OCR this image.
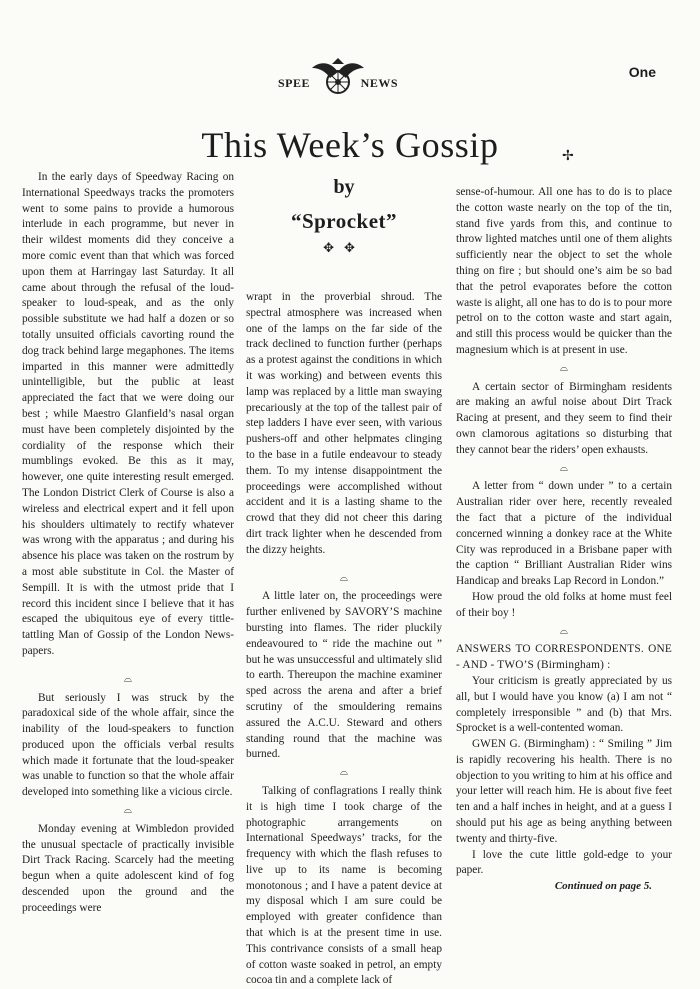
SPEE	NEWS
One
This Week’s Gossip	✢
by
“Sprocket”
✥✥

In the early days of Speedway Racing on International Speedways tracks the promoters went to some pains to provide a humorous interlude in each programme, but never in their wildest moments did they conceive a more comic event than that which was forced upon them at Harringay last Saturday. It all came about through the refusal of the loud-speaker to loud-speak, and as the only possible substitute we had half a dozen or so totally unsuited officials cavorting round the dog track behind large megaphones. The items imparted in this manner were admittedly unintelligible, but the public at least appreciated the fact that we were doing our best ; while Maestro Glanfield’s nasal organ must have been completely disjointed by the cordiality of the response which their mumblings evoked. Be this as it may, however, one quite interesting result emerged. The London District Clerk of Course is also a wireless and electrical expert and it fell upon his shoulders ultimately to rectify whatever was wrong with the apparatus ; and during his absence his place was taken on the rostrum by a most able substitute in Col. the Master of Sempill. It is with the utmost pride that I record this incident since I believe that it has escaped the ubiquitous eye of every tittle-tattling Man of Gossip of the London News-papers.

⌓

But seriously I was struck by the paradoxical side of the whole affair, since the inability of the loud-speakers to function produced upon the officials verbal results which made it fortunate that the loud-speaker was unable to function so that the whole affair developed into something like a vicious circle.

⌓

Monday evening at Wimbledon provided the unusual spectacle of practically invisible Dirt Track Racing. Scarcely had the meeting begun when a quite adolescent kind of fog descended upon the ground and the proceedings were

wrapt in the proverbial shroud. The spectral atmosphere was increased when one of the lamps on the far side of the track declined to function further (perhaps as a protest against the conditions in which it was working) and between events this lamp was replaced by a little man swaying precariously at the top of the tallest pair of step ladders I have ever seen, with various pushers-off and other helpmates clinging to the base in a futile endeavour to steady them. To my intense disappointment the proceedings were accomplished without accident and it is a lasting shame to the crowd that they did not cheer this daring dirt track lighter when he descended from the dizzy heights.

⌓

A little later on, the proceedings were further enlivened by SAVORY’S machine bursting into flames. The rider pluckily endeavoured to “ ride the machine out ” but he was unsuccessful and ultimately slid to earth. Thereupon the machine examiner sped across the arena and after a brief scrutiny of the smouldering remains assured the A.C.U. Steward and others standing round that the machine was burned.

⌓

Talking of conflagrations I really think it is high time I took charge of the photographic arrangements on International Speedways’ tracks, for the frequency with which the flash refuses to live up to its name is becoming monotonous ; and I have a patent device at my disposal which I am sure could be employed with greater confidence than that which is at the present time in use. This contrivance consists of a small heap of cotton waste soaked in petrol, an empty cocoa tin and a complete lack of

sense-of-humour. All one has to do is to place the cotton waste nearly on the top of the tin, stand five yards from this, and continue to throw lighted matches until one of them alights sufficiently near the object to set the whole thing on fire ; but should one’s aim be so bad that the petrol evaporates before the cotton waste is alight, all one has to do is to pour more petrol on to the cotton waste and start again, and still this process would be quicker than the magnesium which is at present in use.

⌓

A certain sector of Birmingham residents are making an awful noise about Dirt Track Racing at present, and they seem to find their own clamorous agitations so disturbing that they cannot bear the riders’ open exhausts.

⌓

A letter from “ down under ” to a certain Australian rider over here, recently revealed the fact that a picture of the individual concerned winning a donkey race at the White City was reproduced in a Brisbane paper with the caption “ Brilliant Australian Rider wins Handicap and breaks Lap Record in London.”

How proud the old folks at home must feel of their boy !

⌓

ANSWERS TO CORRESPONDENTS. ONE - AND - TWO’S (Birmingham) :

Your criticism is greatly appreciated by us all, but I would have you know (a) I am not “ completely irresponsible ” and (b) that Mrs. Sprocket is a well-contented woman.

GWEN G. (Birmingham) : “ Smiling ” Jim is rapidly recovering his health. There is no objection to you writing to him at his office and your letter will reach him. He is about five feet ten and a half inches in height, and at a guess I should put his age as being anything between twenty and thirty-five.

I love the cute little gold-edge to your paper.

Continued on page 5.
